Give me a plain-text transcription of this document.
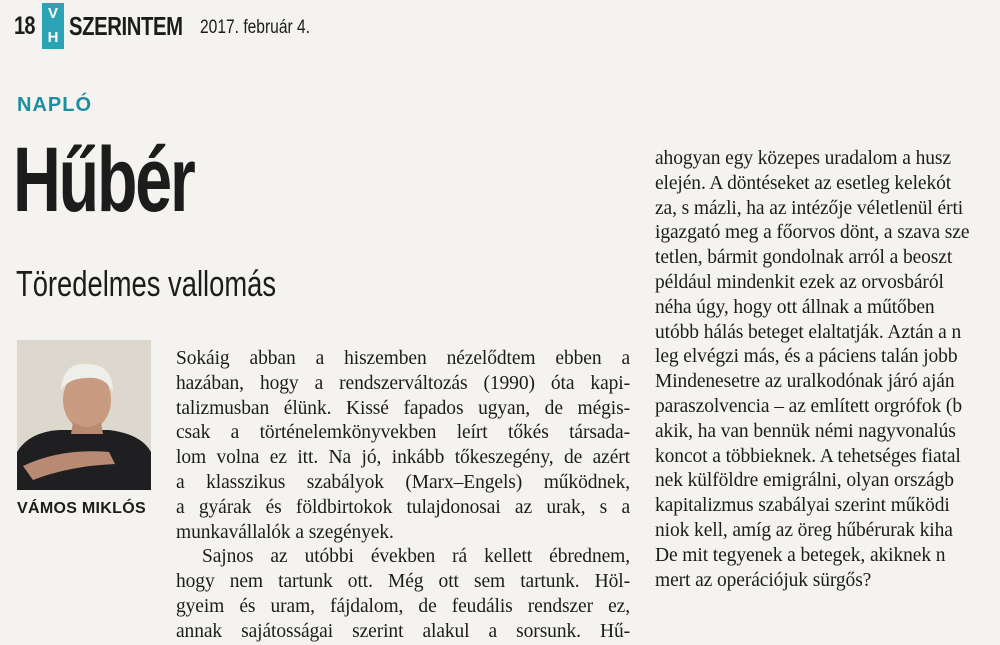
18 V
H SZERINTEM 2017. február 4.
NAPLÓ
Hűbér
Töredelmes vallomás
VÁMOS MIKLÓS

Sokáig abban a hiszemben nézelődtem ebben a
hazában, hogy a rendszerváltozás (1990) óta kapi-
talizmusban élünk. Kissé fapados ugyan, de mégis-
csak a történelemkönyvekben leírt tőkés társada-
lom volna ez itt. Na jó, inkább tőkeszegény, de azért
a klasszikus szabályok (Marx–Engels) működnek,
a gyárak és földbirtokok tulajdonosai az urak, s a
munkavállalók a szegények.

Sajnos az utóbbi években rá kellett ébrednem,
hogy nem tartunk ott. Még ott sem tartunk. Höl-
gyeim és uram, fájdalom, de feudális rendszer ez,
annak sajátosságai szerint alakul a sorsunk. Hű-

ahogyan egy közepes uradalom a husz
elején. A döntéseket az esetleg kelekót
za, s mázli, ha az intézője véletlenül érti
igazgató meg a főorvos dönt, a szava sze
tetlen, bármit gondolnak arról a beoszt
például mindenkit ezek az orvosbáról
néha úgy, hogy ott állnak a műtőben
utóbb hálás beteget elaltatják. Aztán a n
leg elvégzi más, és a páciens talán jobb
Mindenesetre az uralkodónak járó aján
paraszolvencia – az említett orgrófok (b
akik, ha van bennük némi nagyvonalús
koncot a többieknek. A tehetséges fiatal
nek külföldre emigrálni, olyan országb
kapitalizmus szabályai szerint működi
niok kell, amíg az öreg hűbérurak kiha
De mit tegyenek a betegek, akiknek n
mert az operációjuk sürgős?
